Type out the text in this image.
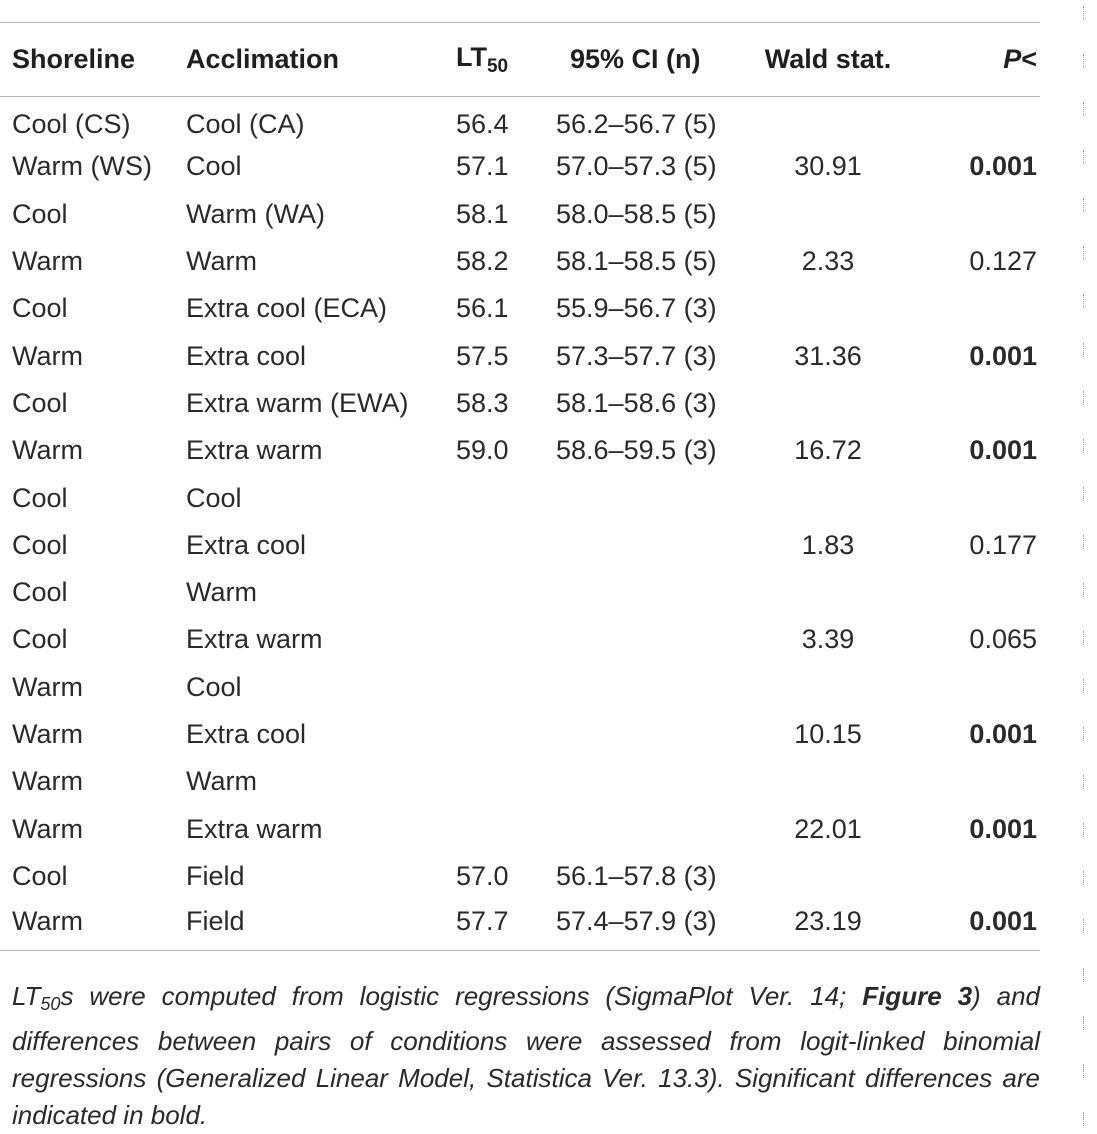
Shoreline	Acclimation	$LT_{50}$	95% CI (n)	Wald stat.	P<
Cool (CS)	Cool (CA)	56.4	56.2–56.7 (5)		
Warm (WS)	Cool	57.1	57.0–57.3 (5)	30.91	0.001
Cool	Warm (WA)	58.1	58.0–58.5 (5)		
Warm	Warm	58.2	58.1–58.5 (5)	2.33	0.127
Cool	Extra cool (ECA)	56.1	55.9–56.7 (3)		
Warm	Extra cool	57.5	57.3–57.7 (3)	31.36	0.001
Cool	Extra warm (EWA)	58.3	58.1–58.6 (3)		
Warm	Extra warm	59.0	58.6–59.5 (3)	16.72	0.001
Cool	Cool				
Cool	Extra cool			1.83	0.177
Cool	Warm				
Cool	Extra warm			3.39	0.065
Warm	Cool				
Warm	Extra cool			10.15	0.001
Warm	Warm				
Warm	Extra warm			22.01	0.001
Cool	Field	57.0	56.1–57.8 (3)		
Warm	Field	57.7	57.4–57.9 (3)	23.19	0.001
LT50s were computed from logistic regressions (SigmaPlot Ver. 14; Figure 3) and differences between pairs of conditions were assessed from logit-linked binomial regressions (Generalized Linear Model, Statistica Ver. 13.3). Significant differences are indicated in bold.
